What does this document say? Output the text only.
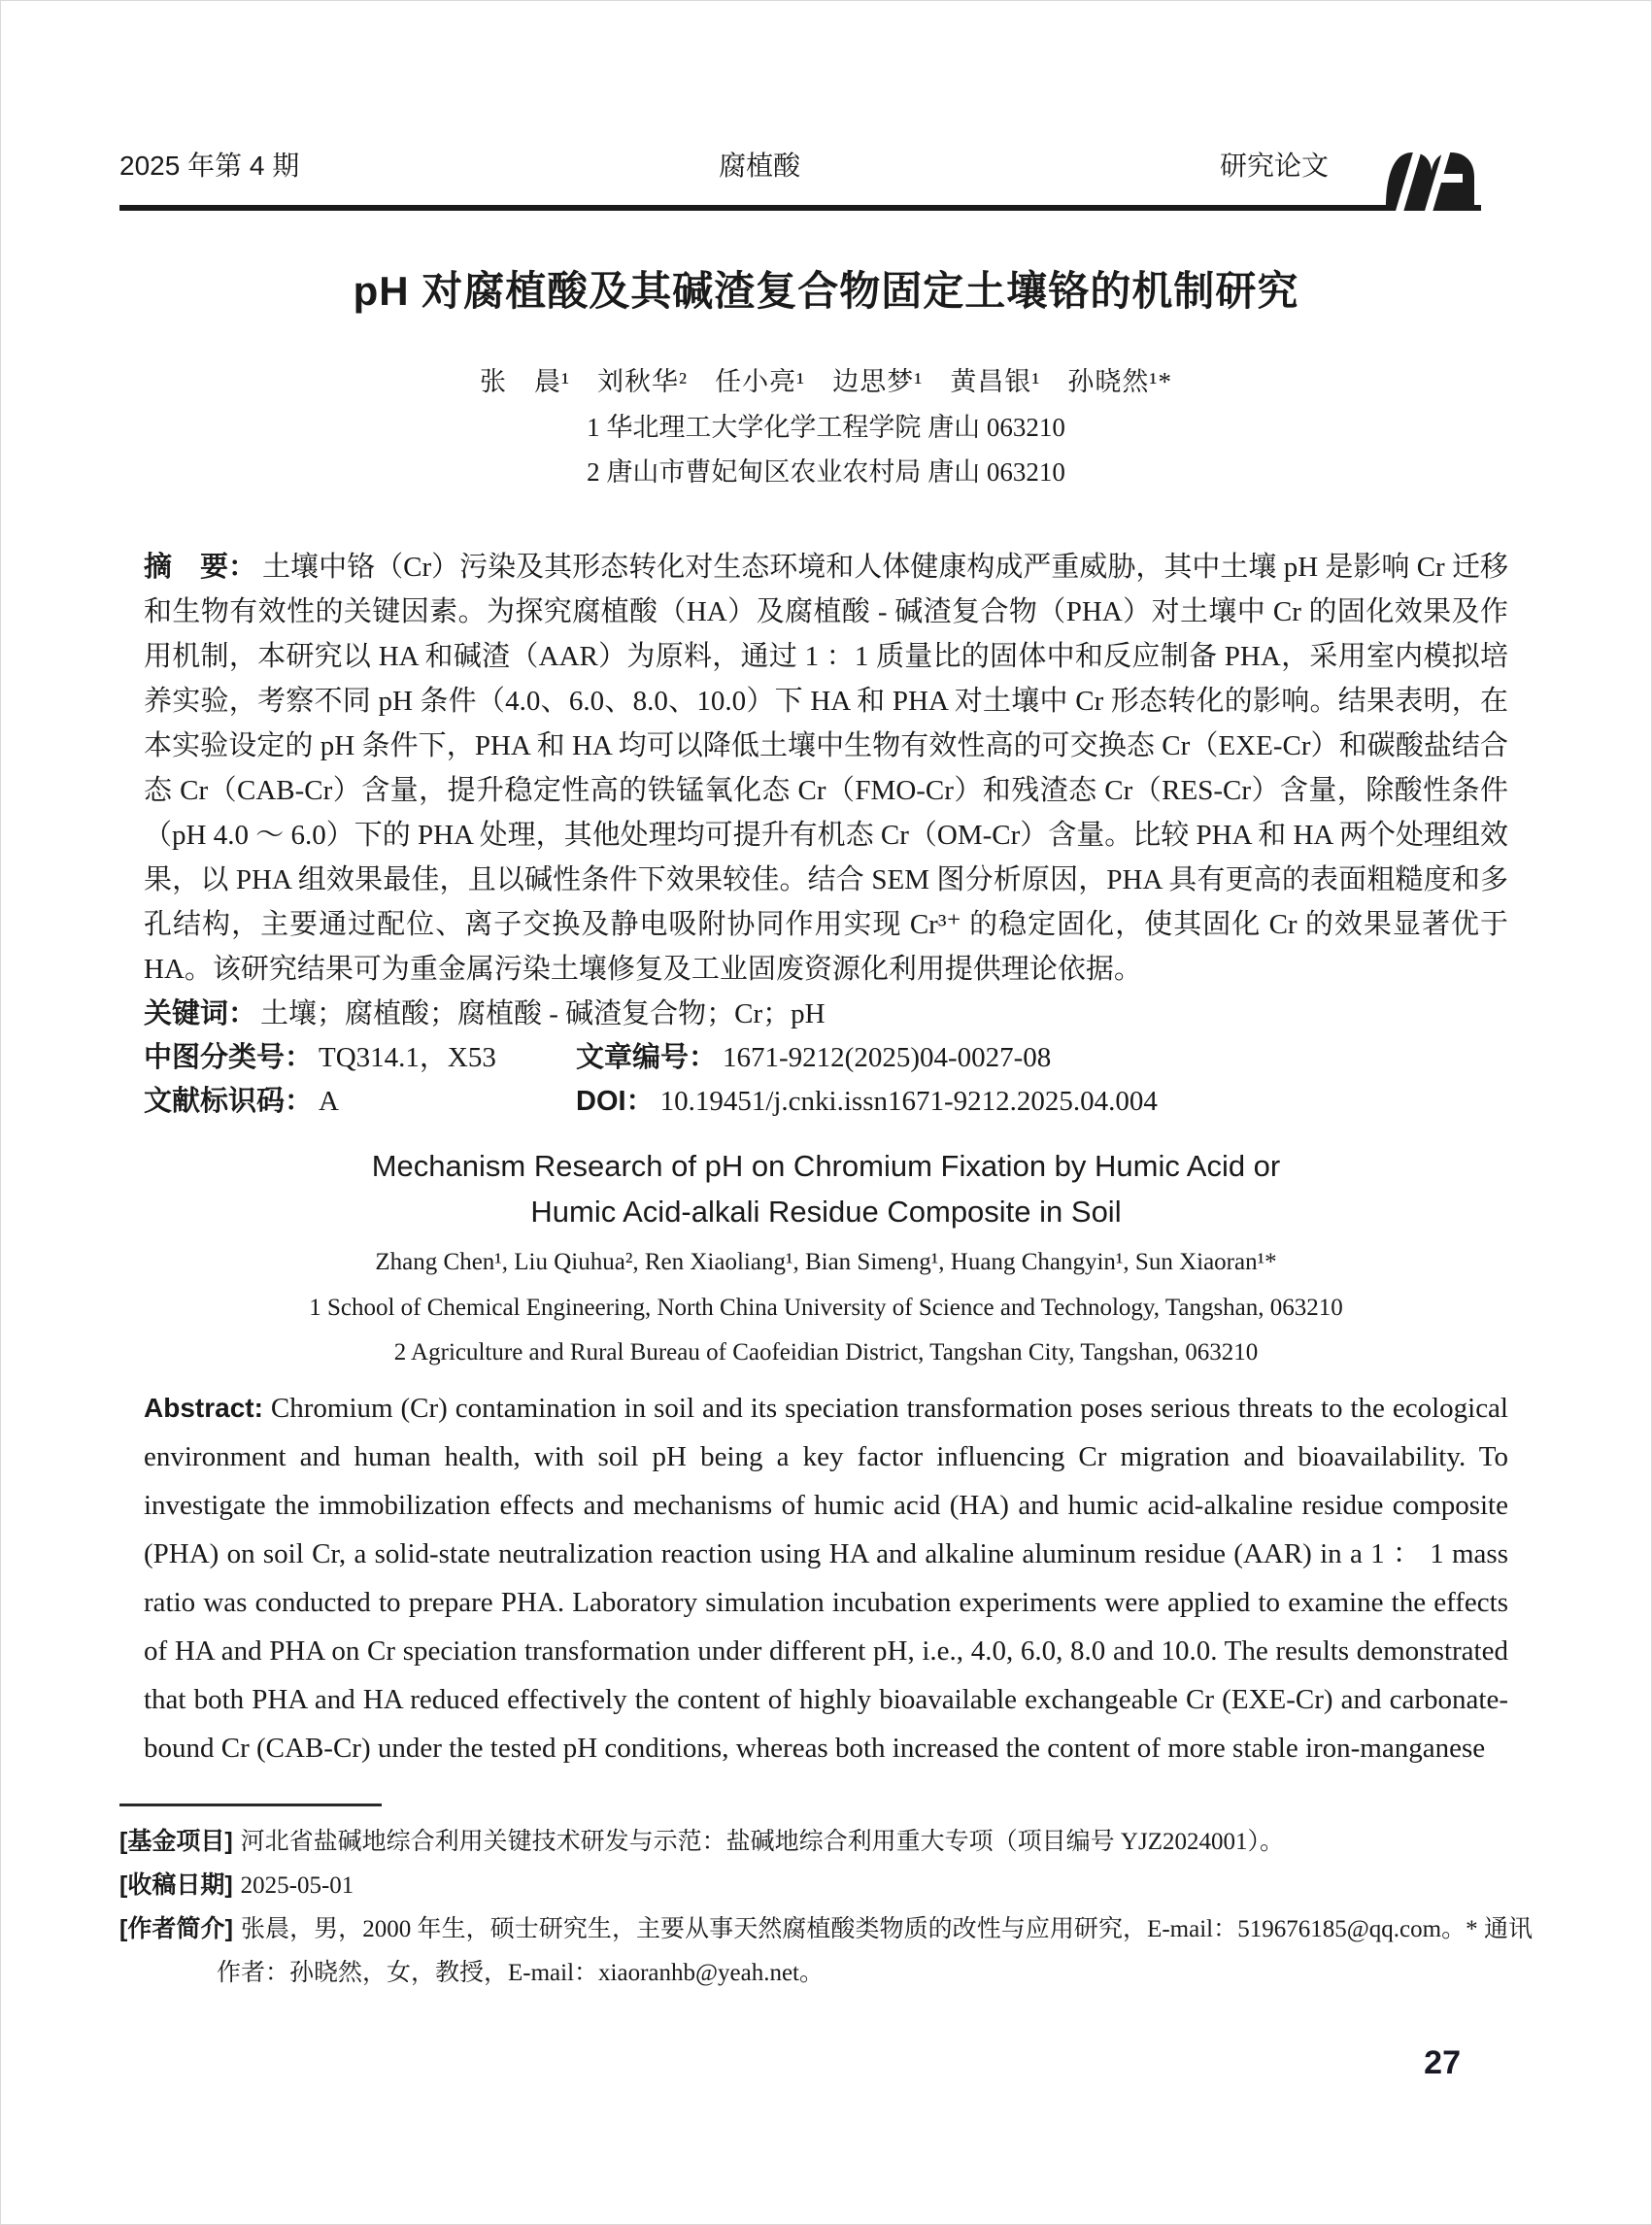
2025 年第 4 期	腐植酸	研究论文
pH 对腐植酸及其碱渣复合物固定土壤铬的机制研究
张　晨¹　刘秋华²　任小亮¹　边思梦¹　黄昌银¹　孙晓然¹*
1 华北理工大学化学工程学院 唐山 063210
2 唐山市曹妃甸区农业农村局 唐山 063210

摘　要： 土壤中铬（Cr）污染及其形态转化对生态环境和人体健康构成严重威胁，其中土壤 pH 是影响 Cr 迁移和生物有效性的关键因素。为探究腐植酸（HA）及腐植酸 - 碱渣复合物（PHA）对土壤中 Cr 的固化效果及作用机制，本研究以 HA 和碱渣（AAR）为原料，通过 1 ：1 质量比的固体中和反应制备 PHA，采用室内模拟培养实验，考察不同 pH 条件（4.0、6.0、8.0、10.0）下 HA 和 PHA 对土壤中 Cr 形态转化的影响。结果表明，在本实验设定的 pH 条件下，PHA 和 HA 均可以降低土壤中生物有效性高的可交换态 Cr（EXE-Cr）和碳酸盐结合态 Cr（CAB-Cr）含量，提升稳定性高的铁锰氧化态 Cr（FMO-Cr）和残渣态 Cr（RES-Cr）含量，除酸性条件（pH 4.0 ～ 6.0）下的 PHA 处理，其他处理均可提升有机态 Cr（OM-Cr）含量。比较 PHA 和 HA 两个处理组效果，以 PHA 组效果最佳，且以碱性条件下效果较佳。结合 SEM 图分析原因，PHA 具有更高的表面粗糙度和多孔结构，主要通过配位、离子交换及静电吸附协同作用实现 Cr³⁺ 的稳定固化，使其固化 Cr 的效果显著优于 HA。该研究结果可为重金属污染土壤修复及工业固废资源化利用提供理论依据。

关键词： 土壤；腐植酸；腐植酸 - 碱渣复合物；Cr；pH

中图分类号： TQ314.1，X53	文章编号： 1671-9212(2025)04-0027-08
文献标识码： A	DOI： 10.19451/j.cnki.issn1671-9212.2025.04.004
Mechanism Research of pH on Chromium Fixation by Humic Acid or
Humic Acid-alkali Residue Composite in Soil
Zhang Chen¹, Liu Qiuhua², Ren Xiaoliang¹, Bian Simeng¹, Huang Changyin¹, Sun Xiaoran¹*
1 School of Chemical Engineering, North China University of Science and Technology, Tangshan, 063210
2 Agriculture and Rural Bureau of Caofeidian District, Tangshan City, Tangshan, 063210

Abstract: Chromium (Cr) contamination in soil and its speciation transformation poses serious threats to the ecological environment and human health, with soil pH being a key factor influencing Cr migration and bioavailability. To investigate the immobilization effects and mechanisms of humic acid (HA) and humic acid-alkaline residue composite (PHA) on soil Cr, a solid-state neutralization reaction using HA and alkaline aluminum residue (AAR) in a 1 ： 1 mass ratio was conducted to prepare PHA. Laboratory simulation incubation experiments were applied to examine the effects of HA and PHA on Cr speciation transformation under different pH, i.e., 4.0, 6.0, 8.0 and 10.0. The results demonstrated that both PHA and HA reduced effectively the content of highly bioavailable exchangeable Cr (EXE-Cr) and carbonate-bound Cr (CAB-Cr) under the tested pH conditions, whereas both increased the content of more stable iron-manganese

[基金项目] 河北省盐碱地综合利用关键技术研发与示范：盐碱地综合利用重大专项（项目编号 YJZ2024001）。

[收稿日期] 2025-05-01

[作者简介] 张晨，男，2000 年生，硕士研究生，主要从事天然腐植酸类物质的改性与应用研究，E-mail：519676185@qq.com。* 通讯作者：孙晓然，女，教授，E-mail：xiaoranhb@yeah.net。

27
